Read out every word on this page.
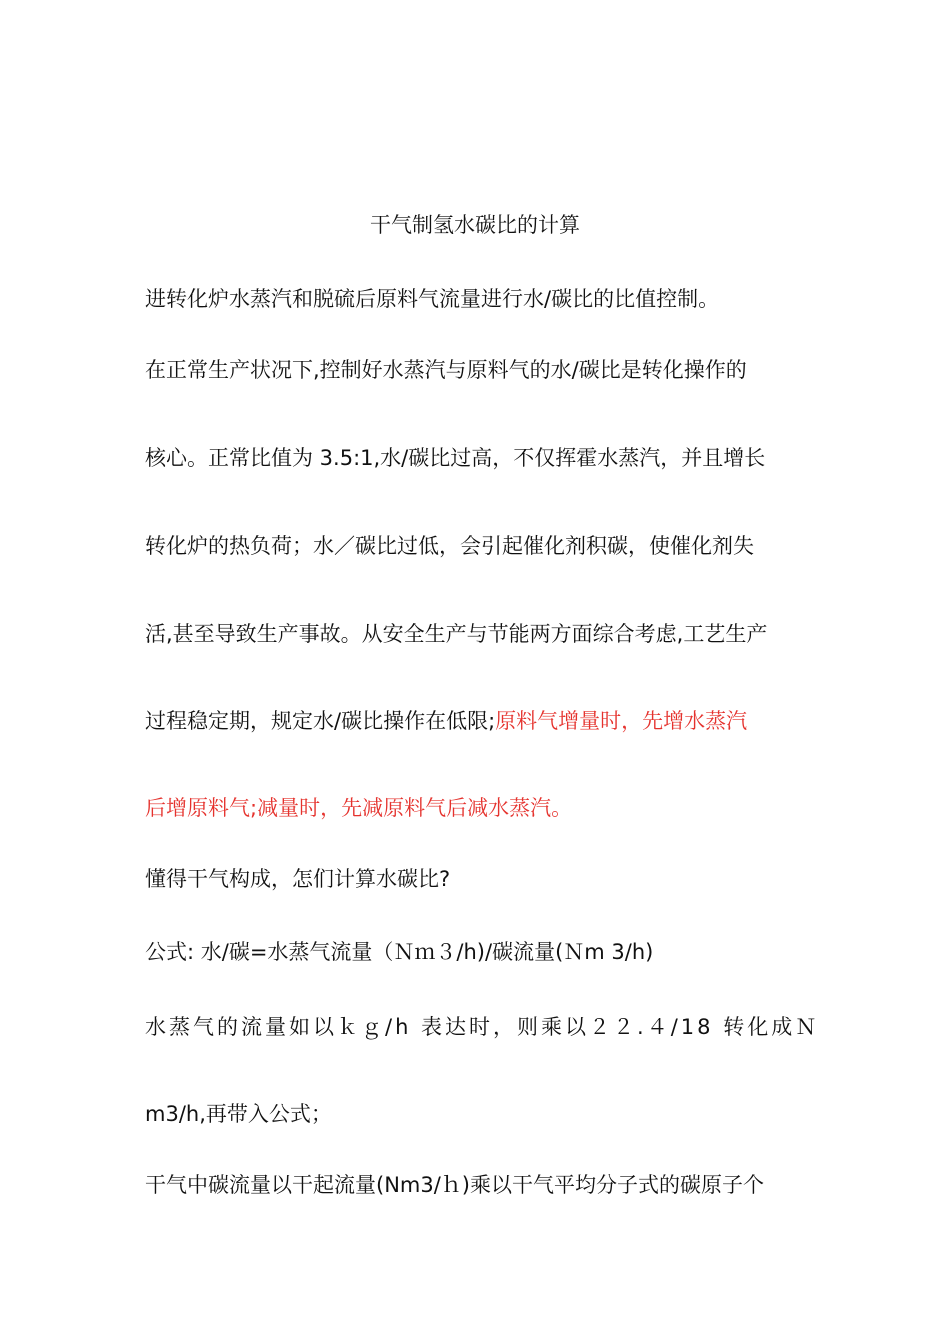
干气制氢水碳比的计算
进转化炉水蒸汽和脱硫后原料气流量进行水/碳比的比值控制。
在正常生产状况下,控制好水蒸汽与原料气的水/碳比是转化操作的
核心。正常比值为 3.5:1,水/碳比过高，不仅挥霍水蒸汽，并且增长
转化炉的热负荷；水／碳比过低，会引起催化剂积碳，使催化剂失
活,甚至导致生产事故。从安全生产与节能两方面综合考虑,工艺生产
过程稳定期，规定水/碳比操作在低限;原料气增量时，先增水蒸汽
后增原料气;减量时，先减原料气后减水蒸汽。
懂得干气构成，怎们计算水碳比?
公式: 水/碳=水蒸气流量（Ｎｍ３/h)/碳流量(Ｎm 3/h)
水蒸气的流量如以ｋｇ/h 表达时，则乘以２２.４/18 转化成Ｎ
m3/h,再带入公式；
干气中碳流量以干起流量(Nm3/ｈ)乘以干气平均分子式的碳原子个
